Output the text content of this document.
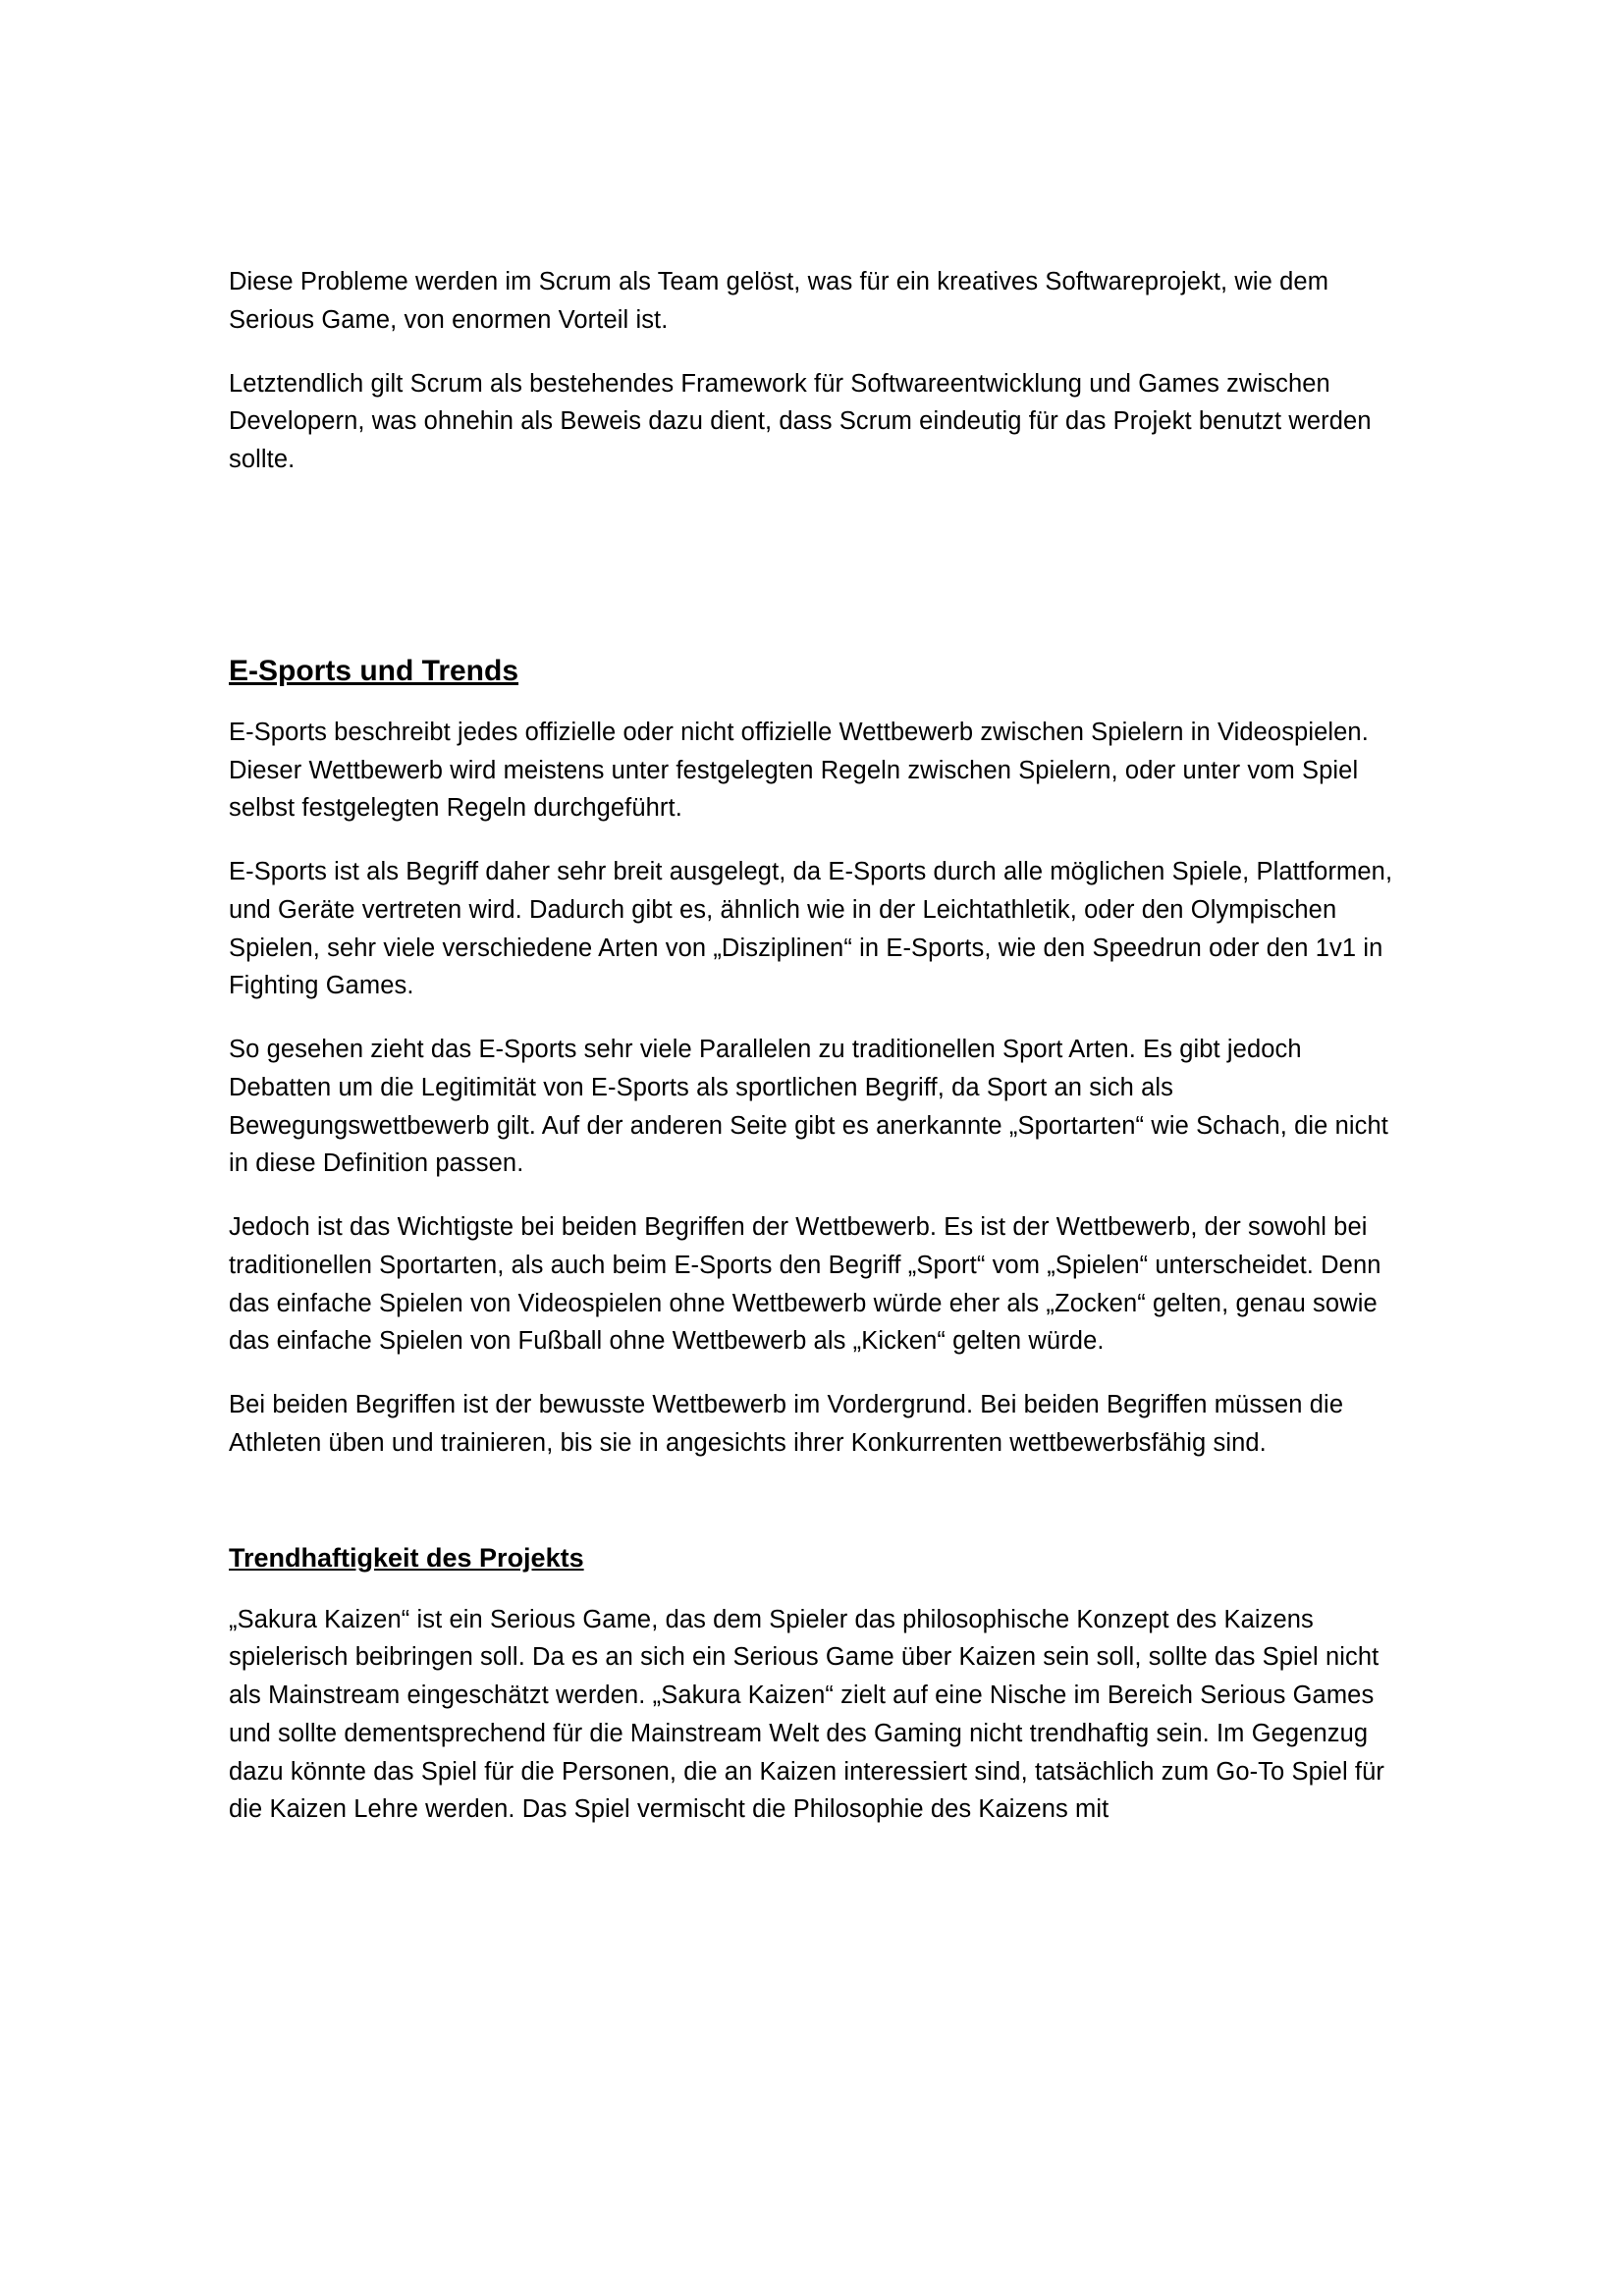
Diese Probleme werden im Scrum als Team gelöst, was für ein kreatives Softwareprojekt, wie dem Serious Game, von enormen Vorteil ist.

Letztendlich gilt Scrum als bestehendes Framework für Softwareentwicklung und Games zwischen Developern, was ohnehin als Beweis dazu dient, dass Scrum eindeutig für das Projekt benutzt werden sollte.

E-Sports und Trends

E-Sports beschreibt jedes offizielle oder nicht offizielle Wettbewerb zwischen Spielern in Videospielen. Dieser Wettbewerb wird meistens unter festgelegten Regeln zwischen Spielern, oder unter vom Spiel selbst festgelegten Regeln durchgeführt.

E-Sports ist als Begriff daher sehr breit ausgelegt, da E-Sports durch alle möglichen Spiele, Plattformen, und Geräte vertreten wird. Dadurch gibt es, ähnlich wie in der Leichtathletik, oder den Olympischen Spielen, sehr viele verschiedene Arten von „Disziplinen“ in E-Sports, wie den Speedrun oder den 1v1 in Fighting Games.

So gesehen zieht das E-Sports sehr viele Parallelen zu traditionellen Sport Arten. Es gibt jedoch Debatten um die Legitimität von E-Sports als sportlichen Begriff, da Sport an sich als Bewegungswettbewerb gilt. Auf der anderen Seite gibt es anerkannte „Sportarten“ wie Schach, die nicht in diese Definition passen.

Jedoch ist das Wichtigste bei beiden Begriffen der Wettbewerb. Es ist der Wettbewerb, der sowohl bei traditionellen Sportarten, als auch beim E-Sports den Begriff „Sport“ vom „Spielen“ unterscheidet. Denn das einfache Spielen von Videospielen ohne Wettbewerb würde eher als „Zocken“ gelten, genau sowie das einfache Spielen von Fußball ohne Wettbewerb als „Kicken“ gelten würde.

Bei beiden Begriffen ist der bewusste Wettbewerb im Vordergrund. Bei beiden Begriffen müssen die Athleten üben und trainieren, bis sie in angesichts ihrer Konkurrenten wettbewerbsfähig sind.

Trendhaftigkeit des Projekts

„Sakura Kaizen“ ist ein Serious Game, das dem Spieler das philosophische Konzept des Kaizens spielerisch beibringen soll. Da es an sich ein Serious Game über Kaizen sein soll, sollte das Spiel nicht als Mainstream eingeschätzt werden. „Sakura Kaizen“ zielt auf eine Nische im Bereich Serious Games und sollte dementsprechend für die Mainstream Welt des Gaming nicht trendhaftig sein. Im Gegenzug dazu könnte das Spiel für die Personen, die an Kaizen interessiert sind, tatsächlich zum Go-To Spiel für die Kaizen Lehre werden. Das Spiel vermischt die Philosophie des Kaizens mit
